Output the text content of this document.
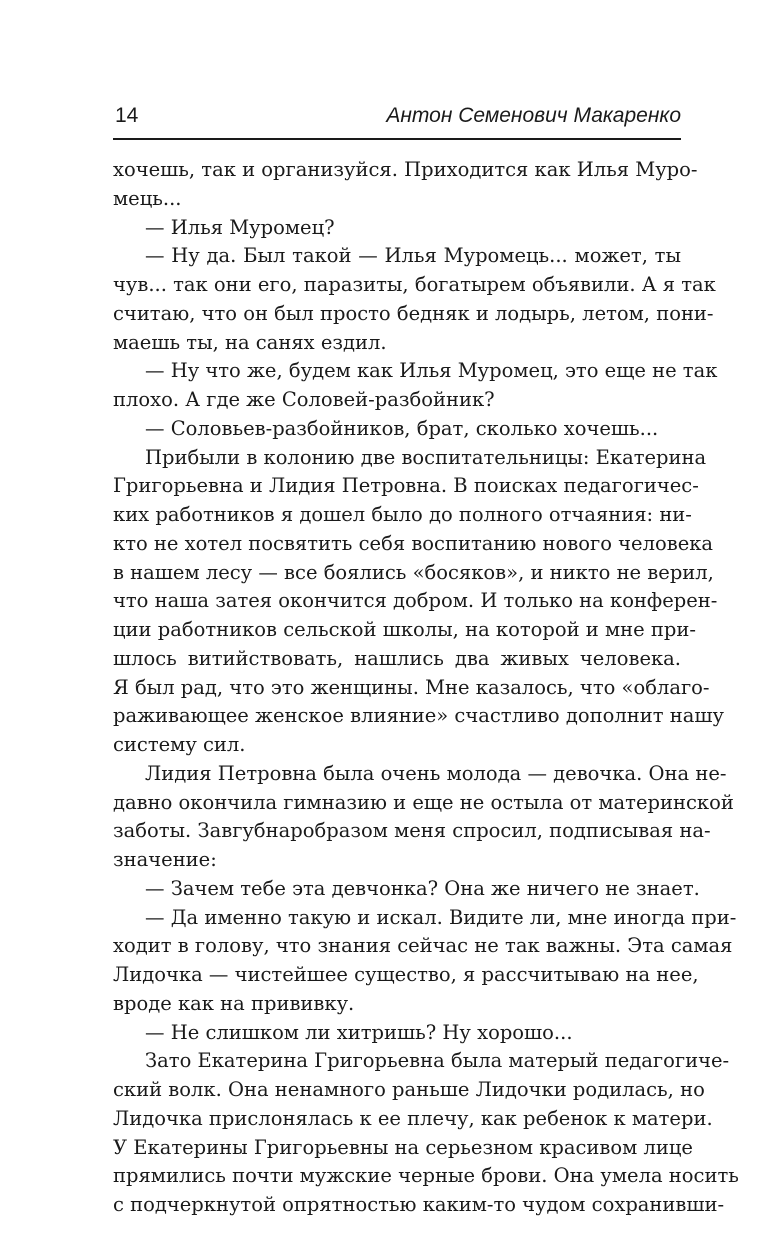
14	Антон Семенович Макаренко
хочешь, так и организуйся. Приходится как Илья Муро-
мець...
— Илья Муромец?
— Ну да. Был такой — Илья Муромець... может, ты
чув... так они его, паразиты, богатырем объявили. А я так
считаю, что он был просто бедняк и лодырь, летом, пони-
маешь ты, на санях ездил.
— Ну что же, будем как Илья Муромец, это еще не так
плохо. А где же Соловей-разбойник?
— Соловьев-разбойников, брат, сколько хочешь...
Прибыли в колонию две воспитательницы: Екатерина
Григорьевна и Лидия Петровна. В поисках педагогичес-
ких работников я дошел было до полного отчаяния: ни-
кто не хотел посвятить себя воспитанию нового человека
в нашем лесу — все боялись «босяков», и никто не верил,
что наша затея окончится добром. И только на конферен-
ции работников сельской школы, на которой и мне при-
шлось витийствовать, нашлись два живых человека.
Я был рад, что это женщины. Мне казалось, что «облаго-
раживающее женское влияние» счастливо дополнит нашу
систему сил.
Лидия Петровна была очень молода — девочка. Она не-
давно окончила гимназию и еще не остыла от материнской
заботы. Завгубнаробразом меня спросил, подписывая на-
значение:
— Зачем тебе эта девчонка? Она же ничего не знает.
— Да именно такую и искал. Видите ли, мне иногда при-
ходит в голову, что знания сейчас не так важны. Эта самая
Лидочка — чистейшее существо, я рассчитываю на нее,
вроде как на прививку.
— Не слишком ли хитришь? Ну хорошо...
Зато Екатерина Григорьевна была матерый педагогиче-
ский волк. Она ненамного раньше Лидочки родилась, но
Лидочка прислонялась к ее плечу, как ребенок к матери.
У Екатерины Григорьевны на серьезном красивом лице
прямились почти мужские черные брови. Она умела носить
с подчеркнутой опрятностью каким-то чудом сохранивши-
